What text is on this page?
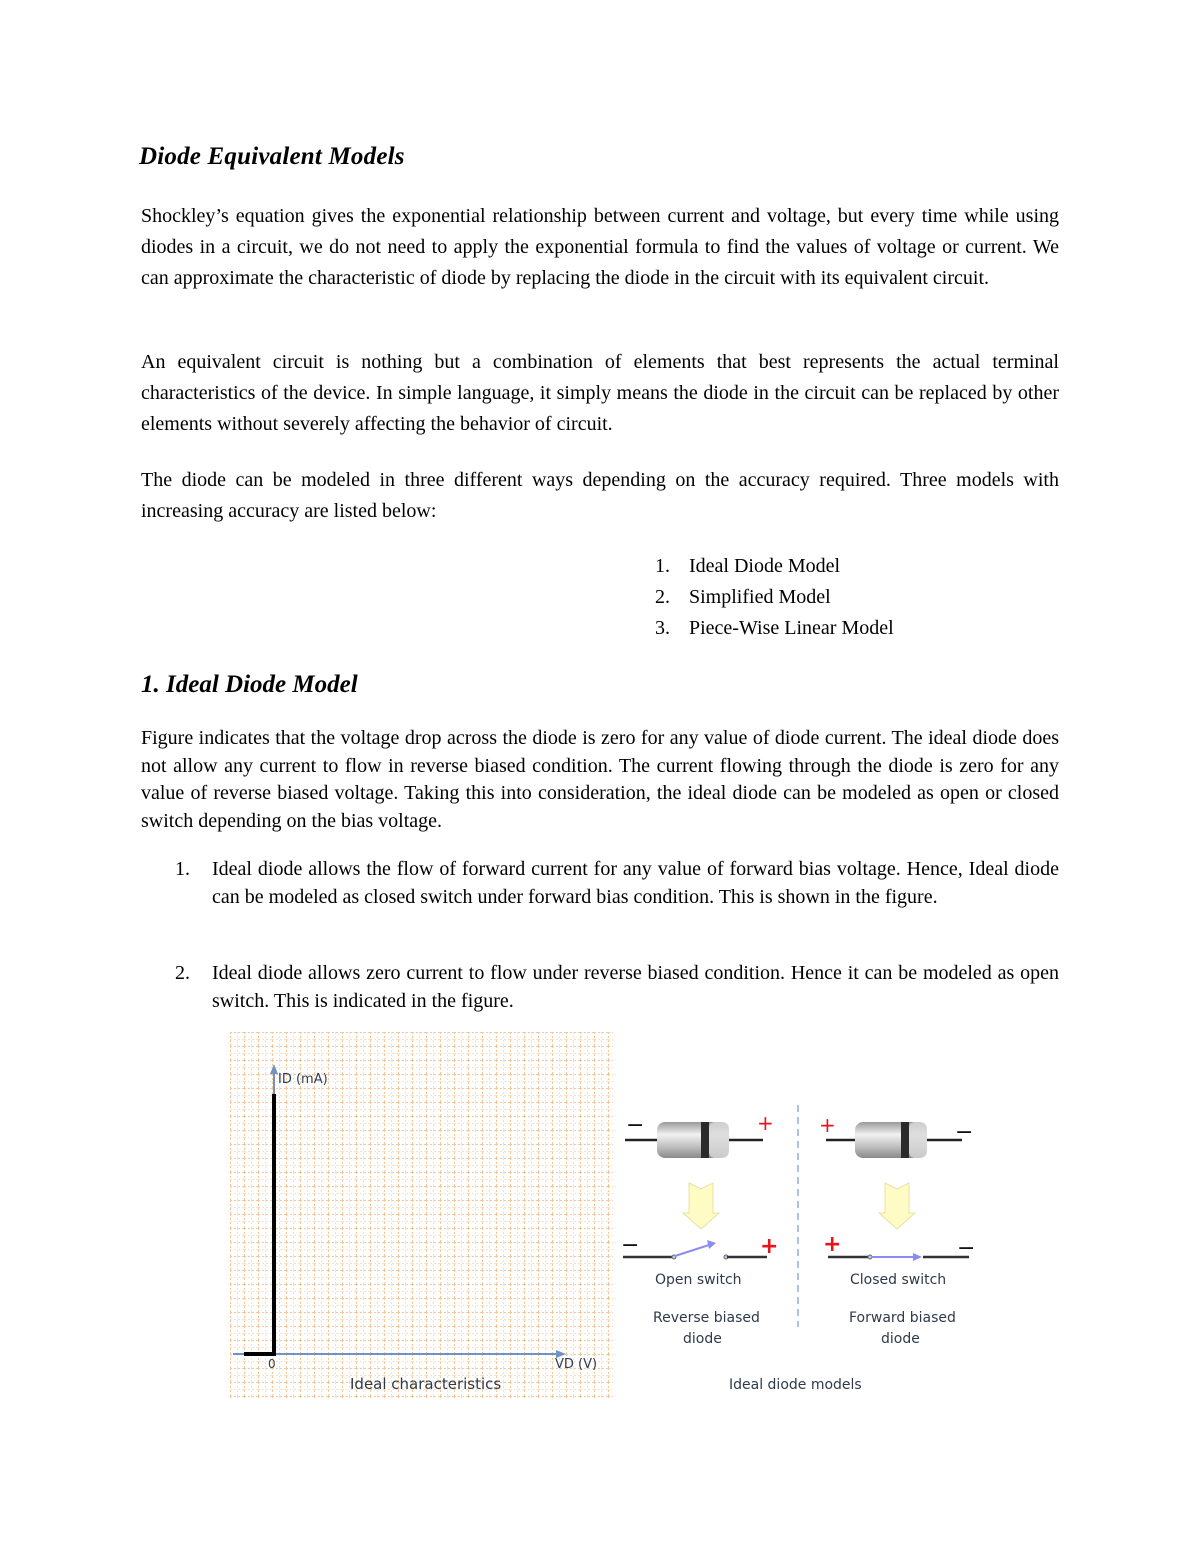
Diode Equivalent Models

Shockley’s equation gives the exponential relationship between current and voltage, but every time while using diodes in a circuit, we do not need to apply the exponential formula to find the values of voltage or current. We can approximate the characteristic of diode by replacing the diode in the circuit with its equivalent circuit.

An equivalent circuit is nothing but a combination of elements that best represents the actual terminal characteristics of the device. In simple language, it simply means the diode in the circuit can be replaced by other elements without severely affecting the behavior of circuit.

The diode can be modeled in three different ways depending on the accuracy required. Three models with increasing accuracy are listed below:

1. Ideal Diode Model
2. Simplified Model
3. Piece-Wise Linear Model
1. Ideal Diode Model

Figure indicates that the voltage drop across the diode is zero for any value of diode current. The ideal diode does not allow any current to flow in reverse biased condition. The current flowing through the diode is zero for any value of reverse biased voltage. Taking this into consideration, the ideal diode can be modeled as open or closed switch depending on the bias voltage.

1.	Ideal diode allows the flow of forward current for any value of forward bias voltage. Hence, Ideal diode can be modeled as closed switch under forward bias condition. This is shown in the figure.
2.	Ideal diode allows zero current to flow under reverse biased condition. Hence it can be modeled as open switch. This is indicated in the figure.
ID (mA)
0	VD (V)
Ideal characteristics
−	+
−	+
+	−
+	−
Open switch
Reverse biased
diode
Closed switch
Forward biased
diode
Ideal diode models
